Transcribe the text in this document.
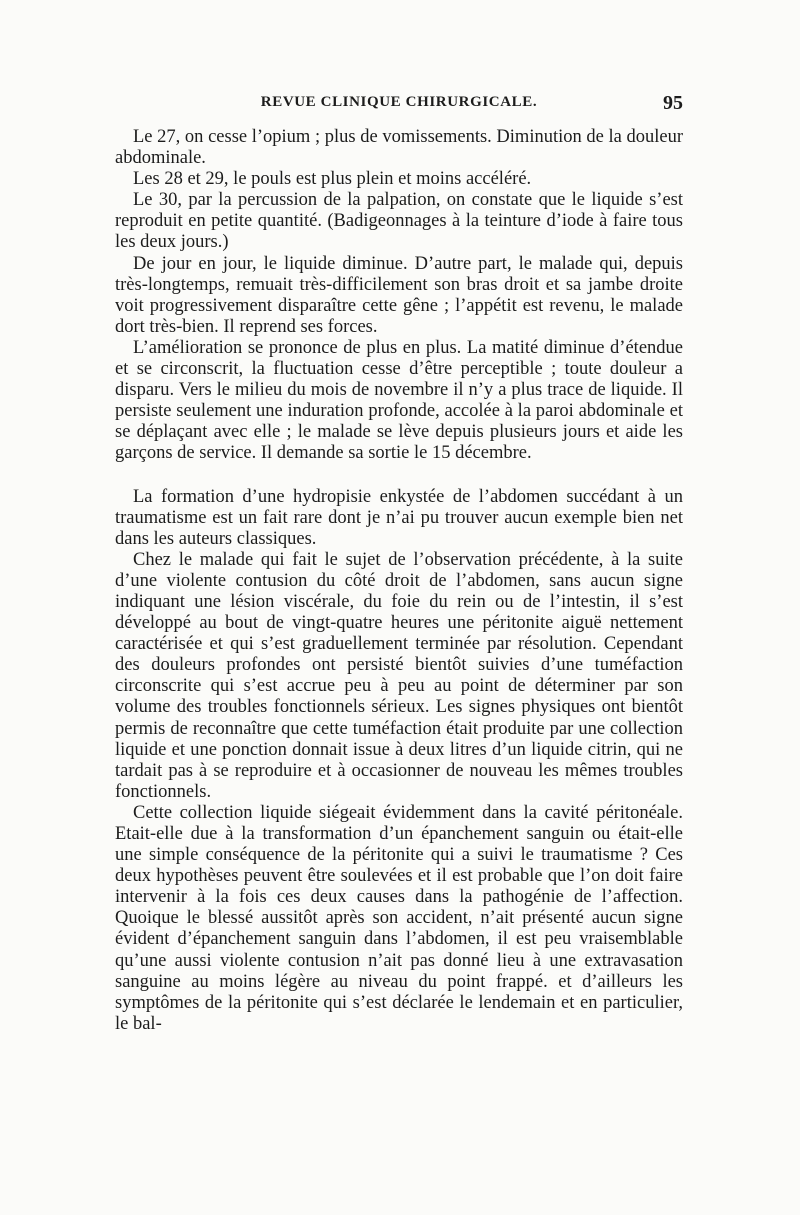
REVUE CLINIQUE CHIRURGICALE.	95

Le 27, on cesse l’opium ; plus de vomissements. Diminution de la douleur abdominale.

Les 28 et 29, le pouls est plus plein et moins accéléré.

Le 30, par la percussion de la palpation, on constate que le liquide s’est reproduit en petite quantité. (Badigeonnages à la teinture d’iode à faire tous les deux jours.)

De jour en jour, le liquide diminue. D’autre part, le malade qui, depuis très-longtemps, remuait très-difficilement son bras droit et sa jambe droite voit progressivement disparaître cette gêne ; l’appétit est revenu, le malade dort très-bien. Il reprend ses forces.

L’amélioration se prononce de plus en plus. La matité diminue d’étendue et se circonscrit, la fluctuation cesse d’être perceptible ; toute douleur a disparu. Vers le milieu du mois de novembre il n’y a plus trace de liquide. Il persiste seulement une induration profonde, accolée à la paroi abdominale et se déplaçant avec elle ; le malade se lève depuis plusieurs jours et aide les garçons de service. Il demande sa sortie le 15 décembre.

La formation d’une hydropisie enkystée de l’abdomen succédant à un traumatisme est un fait rare dont je n’ai pu trouver aucun exemple bien net dans les auteurs classiques.

Chez le malade qui fait le sujet de l’observation précédente, à la suite d’une violente contusion du côté droit de l’abdomen, sans aucun signe indiquant une lésion viscérale, du foie du rein ou de l’intestin, il s’est développé au bout de vingt-quatre heures une péritonite aiguë nettement caractérisée et qui s’est graduellement terminée par résolution. Cependant des douleurs profondes ont persisté bientôt suivies d’une tuméfaction circonscrite qui s’est accrue peu à peu au point de déterminer par son volume des troubles fonctionnels sérieux. Les signes physiques ont bientôt permis de reconnaître que cette tuméfaction était produite par une collection liquide et une ponction donnait issue à deux litres d’un liquide citrin, qui ne tardait pas à se reproduire et à occasionner de nouveau les mêmes troubles fonctionnels.

Cette collection liquide siégeait évidemment dans la cavité péritonéale. Etait-elle due à la transformation d’un épanchement sanguin ou était-elle une simple conséquence de la péritonite qui a suivi le traumatisme ? Ces deux hypothèses peuvent être soulevées et il est probable que l’on doit faire intervenir à la fois ces deux causes dans la pathogénie de l’affection. Quoique le blessé aussitôt après son accident, n’ait présenté aucun signe évident d’épanchement sanguin dans l’abdomen, il est peu vraisemblable qu’une aussi violente contusion n’ait pas donné lieu à une extravasation sanguine au moins légère au niveau du point frappé. et d’ailleurs les symptômes de la péritonite qui s’est déclarée le lendemain et en particulier, le bal-
